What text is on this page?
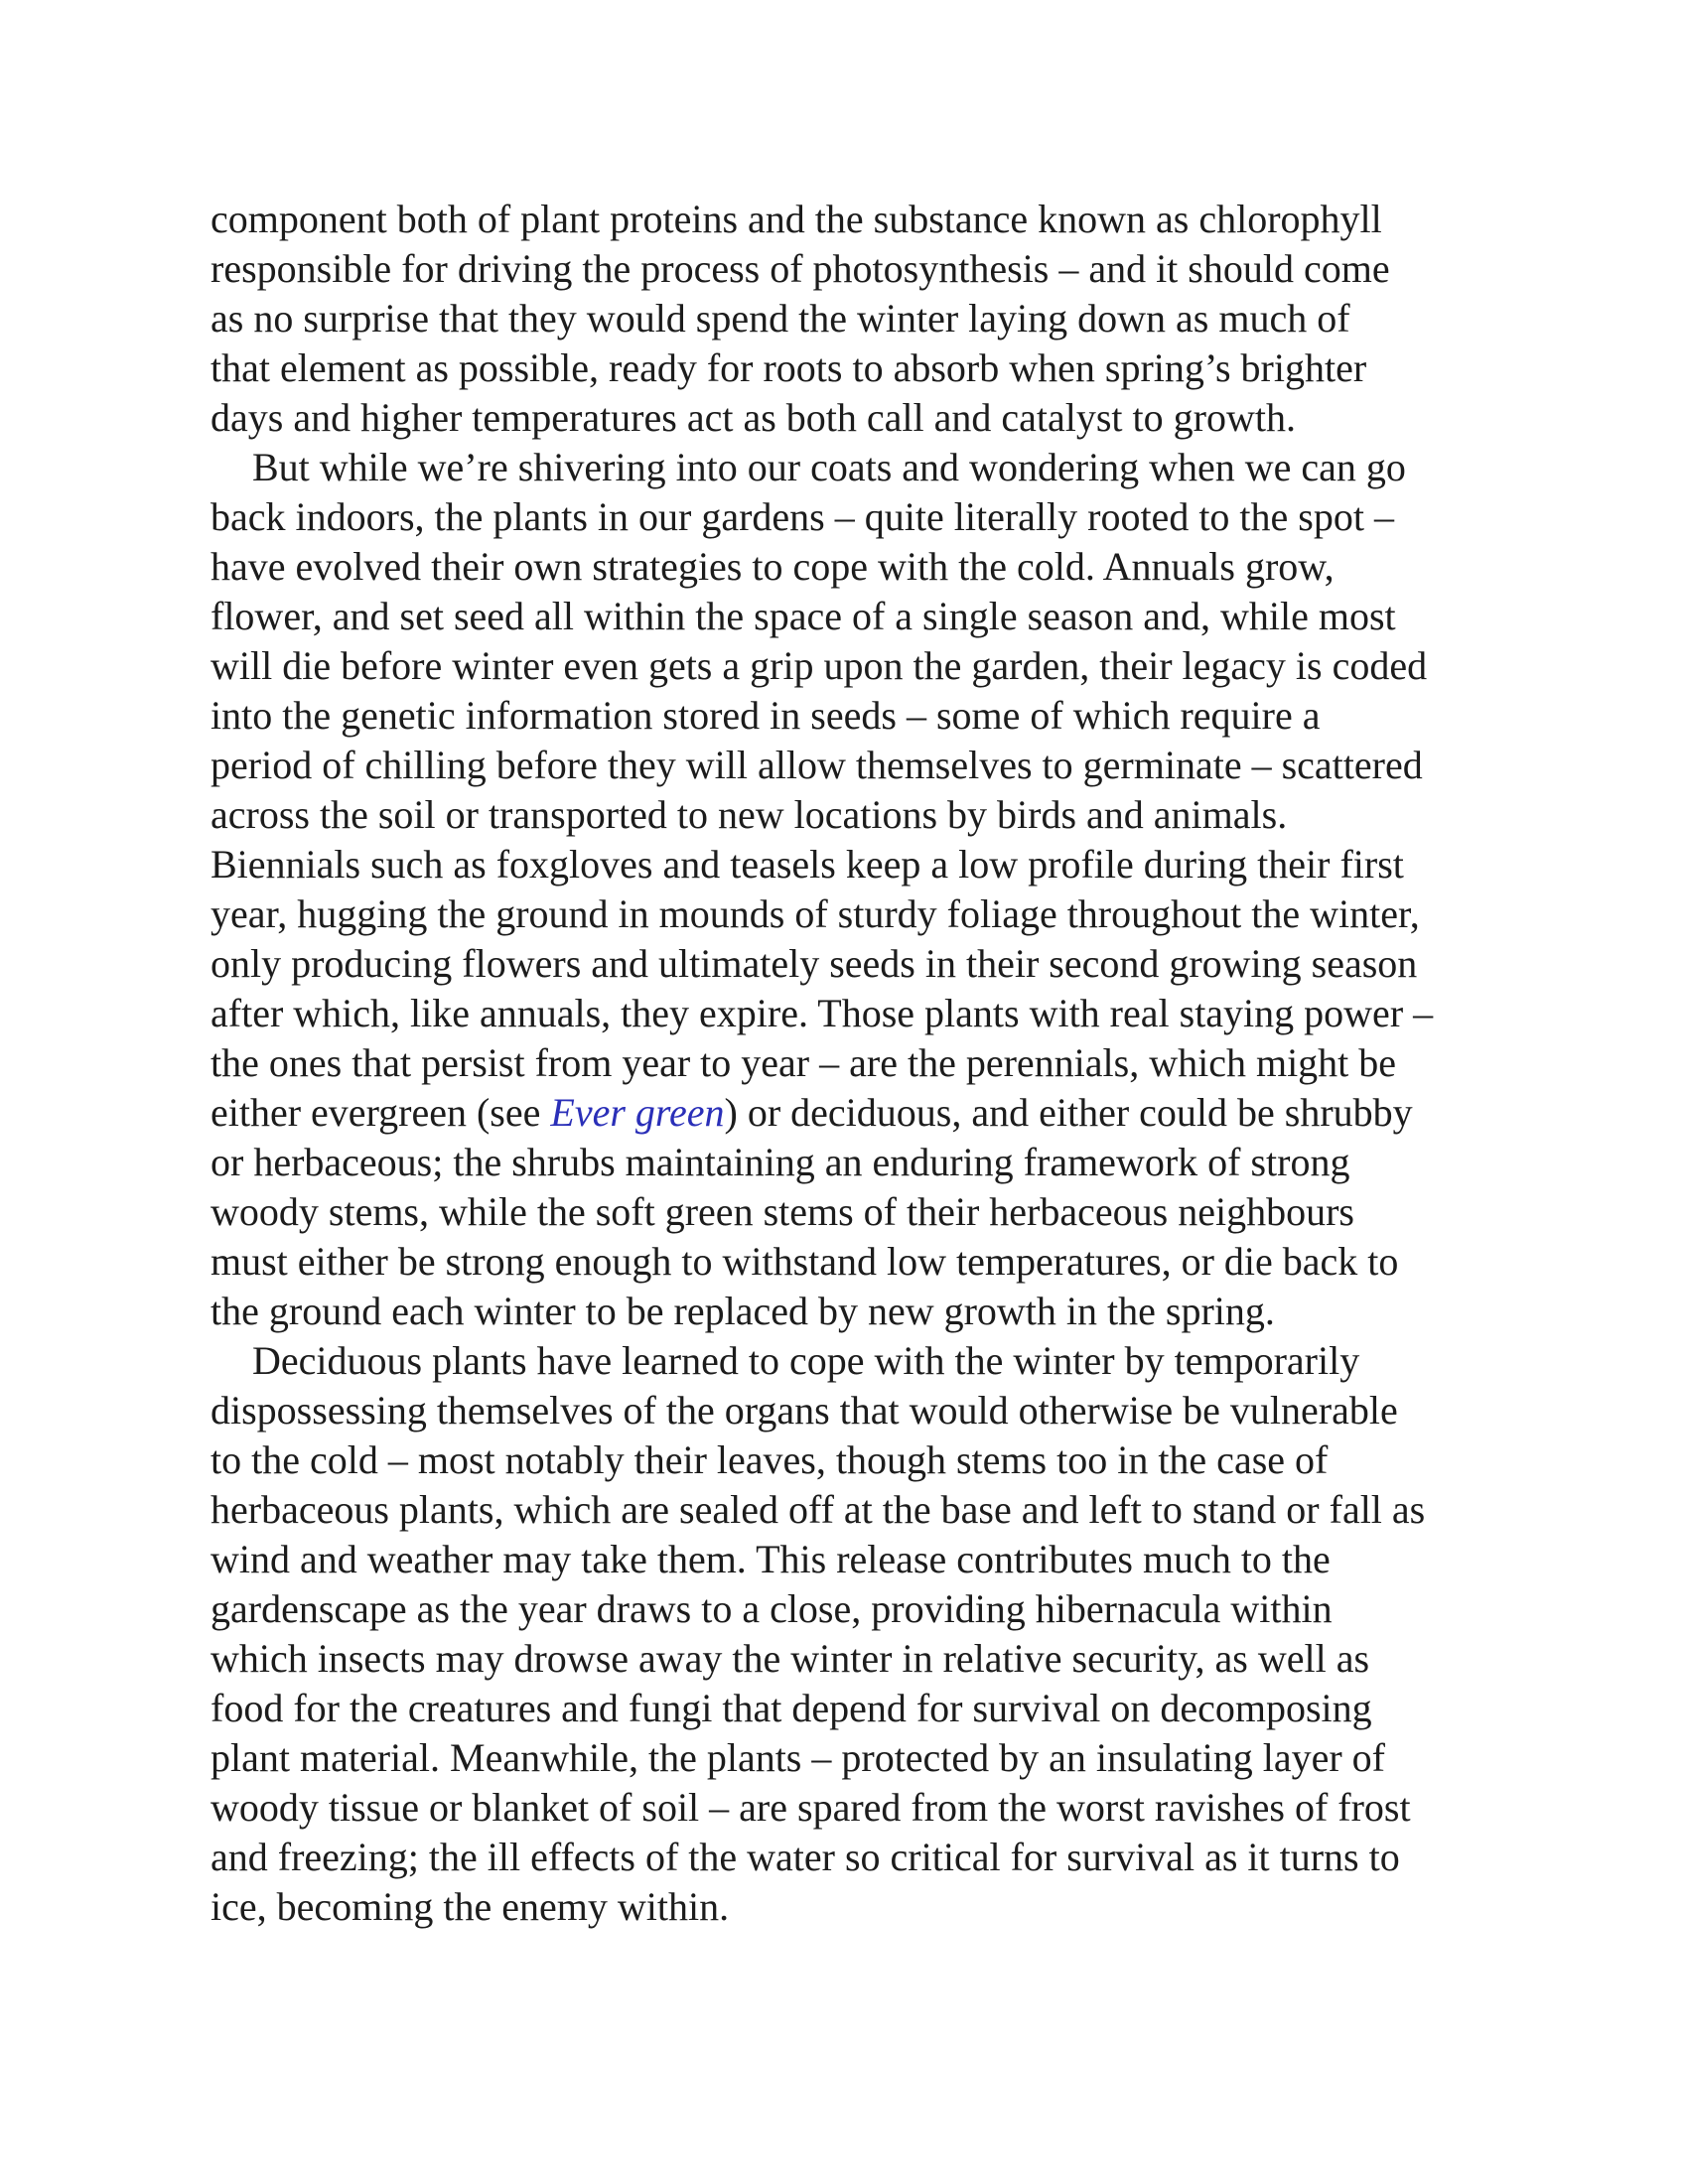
component both of plant proteins and the substance known as chlorophyll
responsible for driving the process of photosynthesis – and it should come
as no surprise that they would spend the winter laying down as much of
that element as possible, ready for roots to absorb when spring’s brighter
days and higher temperatures act as both call and catalyst to growth.
But while we’re shivering into our coats and wondering when we can go
back indoors, the plants in our gardens – quite literally rooted to the spot –
have evolved their own strategies to cope with the cold. Annuals grow,
flower, and set seed all within the space of a single season and, while most
will die before winter even gets a grip upon the garden, their legacy is coded
into the genetic information stored in seeds – some of which require a
period of chilling before they will allow themselves to germinate – scattered
across the soil or transported to new locations by birds and animals.
Biennials such as foxgloves and teasels keep a low profile during their first
year, hugging the ground in mounds of sturdy foliage throughout the winter,
only producing flowers and ultimately seeds in their second growing season
after which, like annuals, they expire. Those plants with real staying power –
the ones that persist from year to year – are the perennials, which might be
either evergreen (see Ever green) or deciduous, and either could be shrubby
or herbaceous; the shrubs maintaining an enduring framework of strong
woody stems, while the soft green stems of their herbaceous neighbours
must either be strong enough to withstand low temperatures, or die back to
the ground each winter to be replaced by new growth in the spring.
Deciduous plants have learned to cope with the winter by temporarily
dispossessing themselves of the organs that would otherwise be vulnerable
to the cold – most notably their leaves, though stems too in the case of
herbaceous plants, which are sealed off at the base and left to stand or fall as
wind and weather may take them. This release contributes much to the
gardenscape as the year draws to a close, providing hibernacula within
which insects may drowse away the winter in relative security, as well as
food for the creatures and fungi that depend for survival on decomposing
plant material. Meanwhile, the plants – protected by an insulating layer of
woody tissue or blanket of soil – are spared from the worst ravishes of frost
and freezing; the ill effects of the water so critical for survival as it turns to
ice, becoming the enemy within.
